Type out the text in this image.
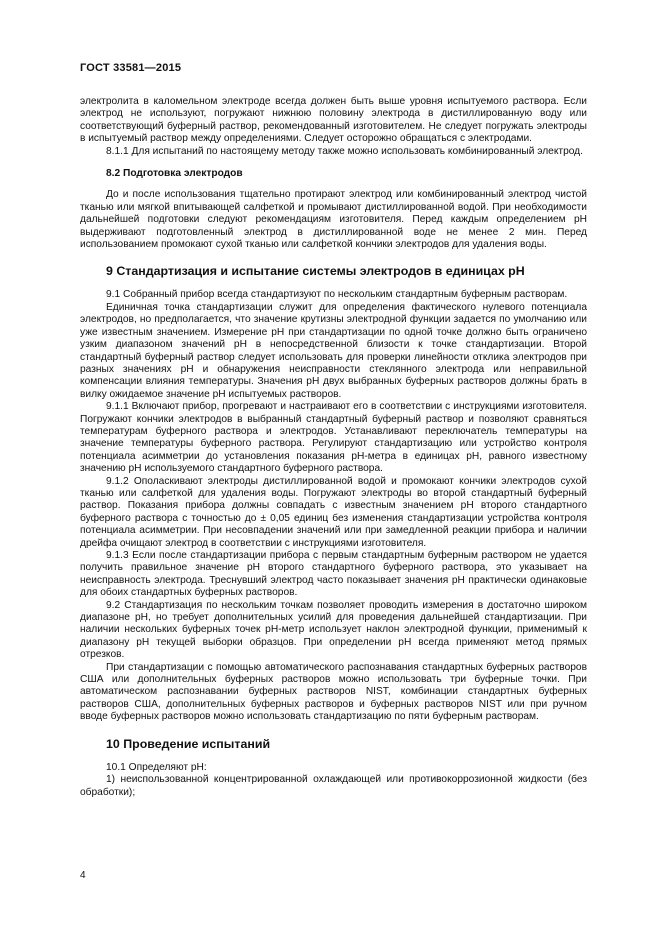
ГОСТ 33581—2015

электролита в каломельном электроде всегда должен быть выше уровня испытуемого раствора. Если электрод не используют, погружают нижнюю половину электрода в дистиллированную воду или соответствующий буферный раствор, рекомендованный изготовителем. Не следует погружать электроды в испытуемый раствор между определениями. Следует осторожно обращаться с электродами.

8.1.1 Для испытаний по настоящему методу также можно использовать комбинированный электрод.

8.2 Подготовка электродов

До и после использования тщательно протирают электрод или комбинированный электрод чистой тканью или мягкой впитывающей салфеткой и промывают дистиллированной водой. При необходимости дальнейшей подготовки следуют рекомендациям изготовителя. Перед каждым определением pH выдерживают подготовленный электрод в дистиллированной воде не менее 2 мин. Перед использованием промокают сухой тканью или салфеткой кончики электродов для удаления воды.

9 Стандартизация и испытание системы электродов в единицах pH

9.1 Собранный прибор всегда стандартизуют по нескольким стандартным буферным растворам.

Единичная точка стандартизации служит для определения фактического нулевого потенциала электродов, но предполагается, что значение крутизны электродной функции задается по умолчанию или уже известным значением. Измерение pH при стандартизации по одной точке должно быть ограничено узким диапазоном значений pH в непосредственной близости к точке стандартизации. Второй стандартный буферный раствор следует использовать для проверки линейности отклика электродов при разных значениях pH и обнаружения неисправности стеклянного электрода или неправильной компенсации влияния температуры. Значения pH двух выбранных буферных растворов должны брать в вилку ожидаемое значение pH испытуемых растворов.

9.1.1 Включают прибор, прогревают и настраивают его в соответствии с инструкциями изготовителя. Погружают кончики электродов в выбранный стандартный буферный раствор и позволяют сравняться температурам буферного раствора и электродов. Устанавливают переключатель температуры на значение температуры буферного раствора. Регулируют стандартизацию или устройство контроля потенциала асимметрии до установления показания pH-метра в единицах pH, равного известному значению pH используемого стандартного буферного раствора.

9.1.2 Ополаскивают электроды дистиллированной водой и промокают кончики электродов сухой тканью или салфеткой для удаления воды. Погружают электроды во второй стандартный буферный раствор. Показания прибора должны совпадать с известным значением pH второго стандартного буферного раствора с точностью до ± 0,05 единиц без изменения стандартизации устройства контроля потенциала асимметрии. При несовпадении значений или при замедленной реакции прибора и наличии дрейфа очищают электрод в соответствии с инструкциями изготовителя.

9.1.3 Если после стандартизации прибора с первым стандартным буферным раствором не удается получить правильное значение pH второго стандартного буферного раствора, это указывает на неисправность электрода. Треснувший электрод часто показывает значения pH практически одинаковые для обоих стандартных буферных растворов.

9.2 Стандартизация по нескольким точкам позволяет проводить измерения в достаточно широком диапазоне pH, но требует дополнительных усилий для проведения дальнейшей стандартизации. При наличии нескольких буферных точек pH-метр использует наклон электродной функции, применимый к диапазону pH текущей выборки образцов. При определении pH всегда применяют метод прямых отрезков.

При стандартизации с помощью автоматического распознавания стандартных буферных растворов США или дополнительных буферных растворов можно использовать три буферные точки. При автоматическом распознавании буферных растворов NIST, комбинации стандартных буферных растворов США, дополнительных буферных растворов и буферных растворов NIST или при ручном вводе буферных растворов можно использовать стандартизацию по пяти буферным растворам.

10 Проведение испытаний

10.1 Определяют pH:

1) неиспользованной концентрированной охлаждающей или противокоррозионной жидкости (без обработки);

4
